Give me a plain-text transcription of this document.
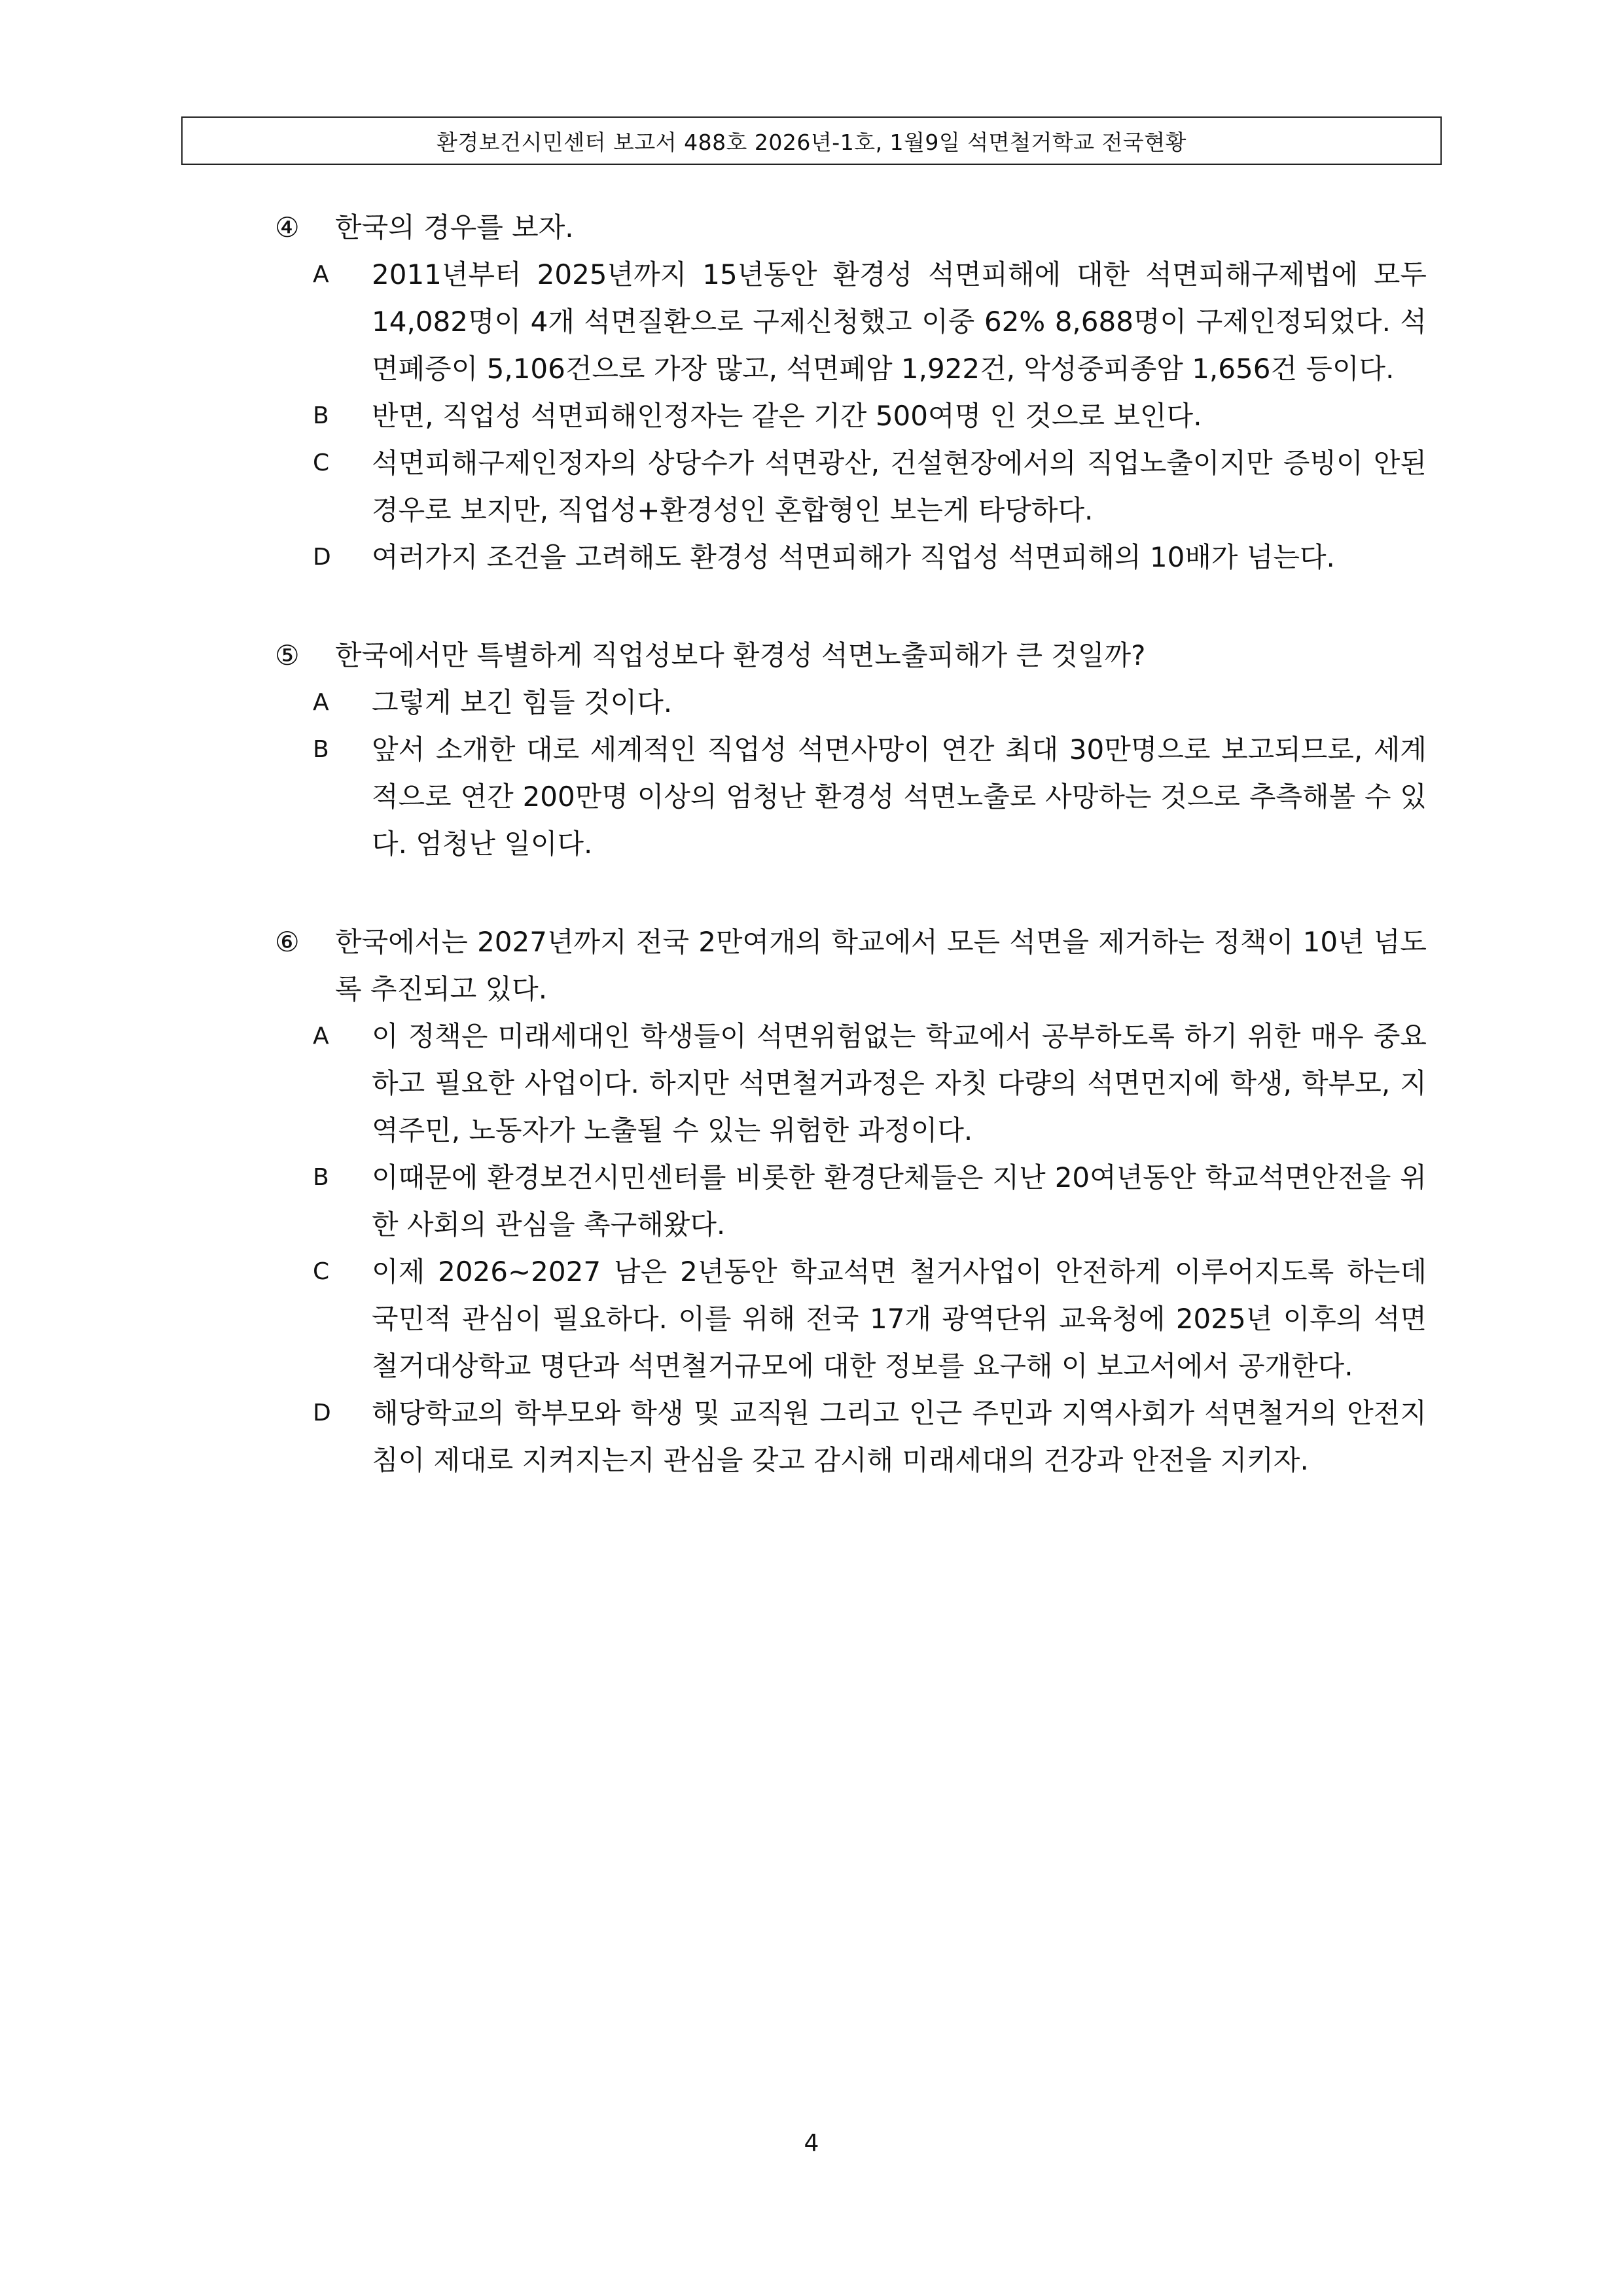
환경보건시민센터 보고서 488호 2026년-1호, 1월9일 석면철거학교 전국현황
④	한국의 경우를 보자.
A	2011년부터 2025년까지 15년동안 환경성 석면피해에 대한 석면피해구제법에 모두 14,082명이 4개 석면질환으로 구제신청했고 이중 62% 8,688명이 구제인정되었다. 석면폐증이 5,106건으로 가장 많고, 석면폐암 1,922건, 악성중피종암 1,656건 등이다.
B	반면, 직업성 석면피해인정자는 같은 기간 500여명 인 것으로 보인다.
C	석면피해구제인정자의 상당수가 석면광산, 건설현장에서의 직업노출이지만 증빙이 안된 경우로 보지만, 직업성+환경성인 혼합형인 보는게 타당하다.
D	여러가지 조건을 고려해도 환경성 석면피해가 직업성 석면피해의 10배가 넘는다.
⑤	한국에서만 특별하게 직업성보다 환경성 석면노출피해가 큰 것일까?
A	그렇게 보긴 힘들 것이다.
B	앞서 소개한 대로 세계적인 직업성 석면사망이 연간 최대 30만명으로 보고되므로, 세계적으로 연간 200만명 이상의 엄청난 환경성 석면노출로 사망하는 것으로 추측해볼 수 있다. 엄청난 일이다.
⑥	한국에서는 2027년까지 전국 2만여개의 학교에서 모든 석면을 제거하는 정책이 10년 넘도록 추진되고 있다.
A	이 정책은 미래세대인 학생들이 석면위험없는 학교에서 공부하도록 하기 위한 매우 중요하고 필요한 사업이다. 하지만 석면철거과정은 자칫 다량의 석면먼지에 학생, 학부모, 지역주민, 노동자가 노출될 수 있는 위험한 과정이다.
B	이때문에 환경보건시민센터를 비롯한 환경단체들은 지난 20여년동안 학교석면안전을 위한 사회의 관심을 촉구해왔다.
C	이제 2026~2027 남은 2년동안 학교석면 철거사업이 안전하게 이루어지도록 하는데 국민적 관심이 필요하다. 이를 위해 전국 17개 광역단위 교육청에 2025년 이후의 석면철거대상학교 명단과 석면철거규모에 대한 정보를 요구해 이 보고서에서 공개한다.
D	해당학교의 학부모와 학생 및 교직원 그리고 인근 주민과 지역사회가 석면철거의 안전지침이 제대로 지켜지는지 관심을 갖고 감시해 미래세대의 건강과 안전을 지키자.
4
